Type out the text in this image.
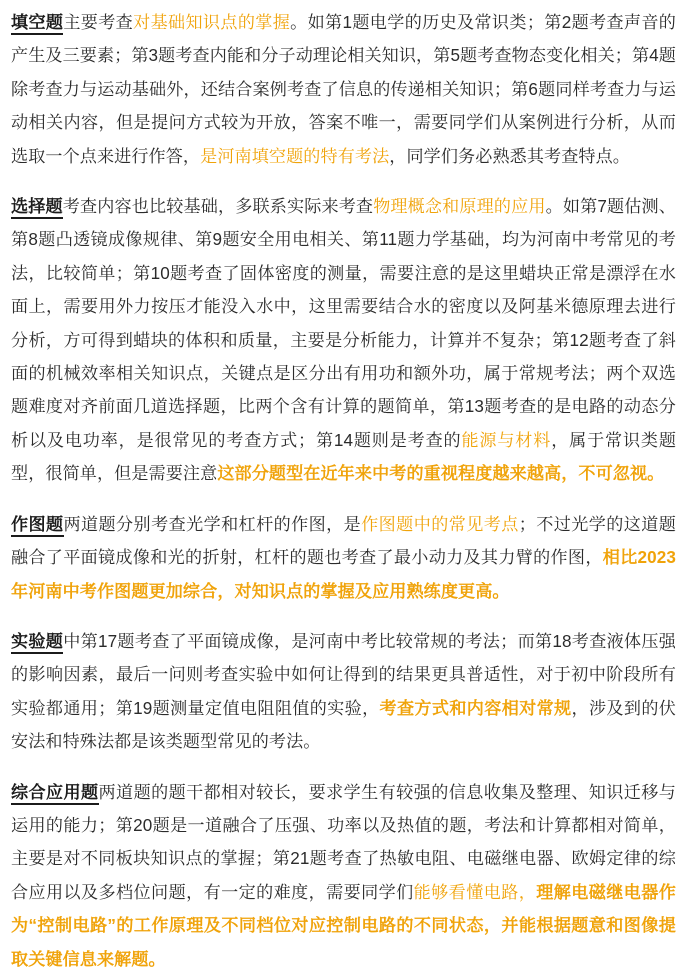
填空题主要考查对基础知识点的掌握。如第1题电学的历史及常识类；第2题考查声音的产生及三要素；第3题考查内能和分子动理论相关知识，第5题考查物态变化相关；第4题除考查力与运动基础外，还结合案例考查了信息的传递相关知识；第6题同样考查力与运动相关内容，但是提问方式较为开放，答案不唯一，需要同学们从案例进行分析，从而选取一个点来进行作答，是河南填空题的特有考法，同学们务必熟悉其考查特点。

选择题考查内容也比较基础，多联系实际来考查物理概念和原理的应用。如第7题估测、第8题凸透镜成像规律、第9题安全用电相关、第11题力学基础，均为河南中考常见的考法，比较简单；第10题考查了固体密度的测量，需要注意的是这里蜡块正常是漂浮在水面上，需要用外力按压才能没入水中，这里需要结合水的密度以及阿基米德原理去进行分析，方可得到蜡块的体积和质量，主要是分析能力，计算并不复杂；第12题考查了斜面的机械效率相关知识点，关键点是区分出有用功和额外功，属于常规考法；两个双选题难度对齐前面几道选择题，比两个含有计算的题简单，第13题考查的是电路的动态分析以及电功率，是很常见的考查方式；第14题则是考查的能源与材料，属于常识类题型，很简单，但是需要注意这部分题型在近年来中考的重视程度越来越高，不可忽视。

作图题两道题分别考查光学和杠杆的作图，是作图题中的常见考点；不过光学的这道题融合了平面镜成像和光的折射，杠杆的题也考查了最小动力及其力臂的作图，相比2023年河南中考作图题更加综合，对知识点的掌握及应用熟练度更高。

实验题中第17题考查了平面镜成像，是河南中考比较常规的考法；而第18考查液体压强的影响因素，最后一问则考查实验中如何让得到的结果更具普适性，对于初中阶段所有实验都通用；第19题测量定值电阻阻值的实验，考查方式和内容相对常规，涉及到的伏安法和特殊法都是该类题型常见的考法。

综合应用题两道题的题干都相对较长，要求学生有较强的信息收集及整理、知识迁移与运用的能力；第20题是一道融合了压强、功率以及热值的题，考法和计算都相对简单，主要是对不同板块知识点的掌握；第21题考查了热敏电阻、电磁继电器、欧姆定律的综合应用以及多档位问题，有一定的难度，需要同学们能够看懂电路，理解电磁继电器作为“控制电路”的工作原理及不同档位对应控制电路的不同状态，并能根据题意和图像提取关键信息来解题。
